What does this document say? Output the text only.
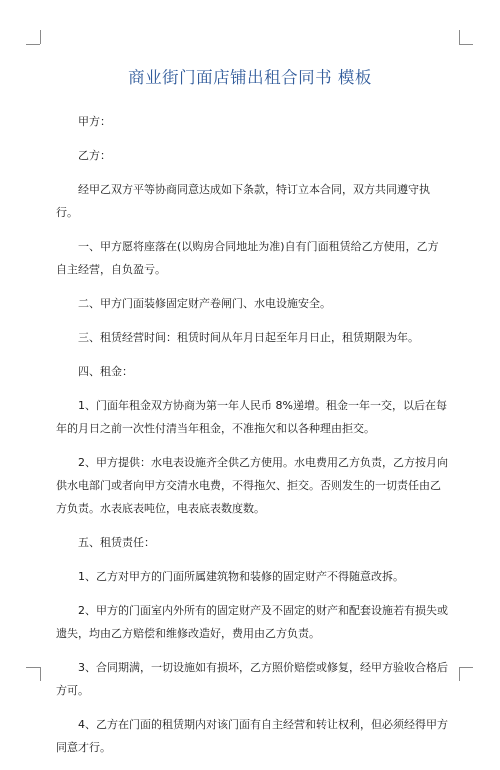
商业街门面店铺出租合同书 模板

甲方：

乙方：

经甲乙双方平等协商同意达成如下条款，特订立本合同，双方共同遵守执行。

一、甲方愿将座落在(以购房合同地址为准)自有门面租赁给乙方使用，乙方自主经营，自负盈亏。

二、甲方门面装修固定财产卷闸门、水电设施安全。

三、租赁经营时间：租赁时间从年月日起至年月日止，租赁期限为年。

四、租金：

1、门面年租金双方协商为第一年人民币 8%递增。租金一年一交，以后在每年的月日之前一次性付清当年租金，不准拖欠和以各种理由拒交。

2、甲方提供：水电表设施齐全供乙方使用。水电费用乙方负责，乙方按月向供水电部门或者向甲方交清水电费，不得拖欠、拒交。否则发生的一切责任由乙方负责。水表底表吨位，电表底表数度数。

五、租赁责任：

1、乙方对甲方的门面所属建筑物和装修的固定财产不得随意改拆。

2、甲方的门面室内外所有的固定财产及不固定的财产和配套设施若有损失或遗失，均由乙方赔偿和维修改造好，费用由乙方负责。

3、合同期满，一切设施如有损坏，乙方照价赔偿或修复，经甲方验收合格后方可。

4、乙方在门面的租赁期内对该门面有自主经营和转让权利，但必须经得甲方同意才行。
